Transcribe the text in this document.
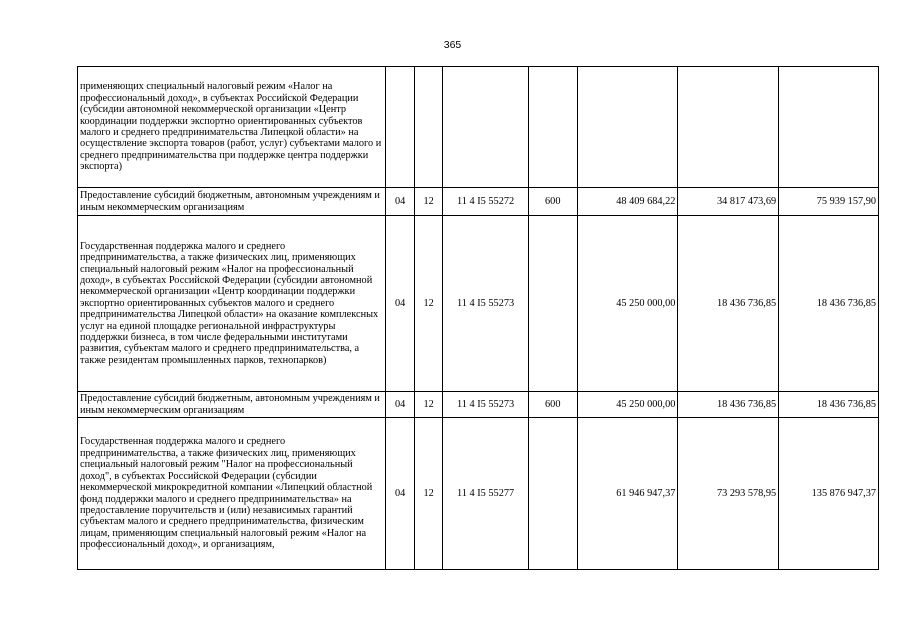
365
применяющих специальный налоговый режим «Налог на профессиональный доход», в субъектах Российской Федерации (субсидии автономной некоммерческой организации «Центр координации поддержки экспортно ориентированных субъектов малого и среднего предпринимательства Липецкой области» на осуществление экспорта товаров (работ, услуг) субъектами малого и среднего предпринимательства при поддержке центра поддержки экспорта)							
Предоставление субсидий бюджетным, автономным учреждениям и иным некоммерческим организациям	04	12	11 4 I5 55272	600	48 409 684,22	34 817 473,69	75 939 157,90
Государственная поддержка малого и среднего предпринимательства, а также физических лиц, применяющих специальный налоговый режим «Налог на профессиональный доход», в субъектах Российской Федерации (субсидии автономной некоммерческой организации «Центр координации поддержки экспортно ориентированных субъектов малого и среднего предпринимательства Липецкой области» на оказание комплексных услуг на единой площадке региональной инфраструктуры поддержки бизнеса, в том числе федеральными институтами развития, субъектам малого и среднего предпринимательства, а также резидентам промышленных парков, технопарков)	04	12	11 4 I5 55273		45 250 000,00	18 436 736,85	18 436 736,85
Предоставление субсидий бюджетным, автономным учреждениям и иным некоммерческим организациям	04	12	11 4 I5 55273	600	45 250 000,00	18 436 736,85	18 436 736,85
Государственная поддержка малого и среднего предпринимательства, а также физических лиц, применяющих специальный налоговый режим "Налог на профессиональный доход", в субъектах Российской Федерации (субсидии некоммерческой микрокредитной компании «Липецкий областной фонд поддержки малого и среднего предпринимательства» на предоставление поручительств и (или) независимых гарантий субъектам малого и среднего предпринимательства, физическим лицам, применяющим специальный налоговый режим «Налог на профессиональный доход», и организациям,	04	12	11 4 I5 55277		61 946 947,37	73 293 578,95	135 876 947,37
